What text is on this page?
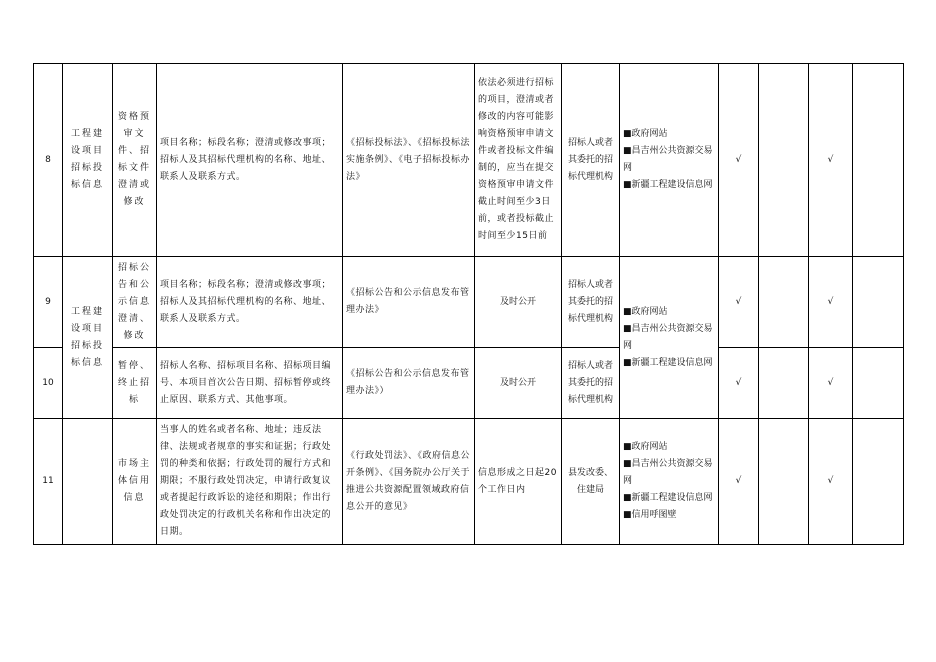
8	工程建设项目招标投标信息	资格预审文件、招标文件澄清或修改	项目名称；标段名称；澄清或修改事项；招标人及其招标代理机构的名称、地址、联系人及联系方式。	《招标投标法》、《招标投标法实施条例》、《电子招标投标办法》	依法必须进行招标的项目，澄清或者修改的内容可能影响资格预审申请文件或者投标文件编制的，应当在提交资格预审申请文件截止时间至少3日前，或者投标截止时间至少15日前	招标人或者其委托的招标代理机构	■政府网站
■昌吉州公共资源交易网
■新疆工程建设信息网	√		√	
9	工程建设项目招标投标信息	招标公告和公示信息澄清、修改	项目名称；标段名称；澄清或修改事项；招标人及其招标代理机构的名称、地址、联系人及联系方式。	《招标公告和公示信息发布管理办法》	及时公开	招标人或者其委托的招标代理机构	■政府网站
■昌吉州公共资源交易网
■新疆工程建设信息网	√		√	
10		暂停、终止招标	招标人名称、招标项目名称、招标项目编号、本项目首次公告日期、招标暂停或终止原因、联系方式、其他事项。	《招标公告和公示信息发布管理办法》）	及时公开	招标人或者其委托的招标代理机构		√		√	
11		市场主体信用信息	当事人的姓名或者名称、地址；违反法律、法规或者规章的事实和证据；行政处罚的种类和依据；行政处罚的履行方式和期限；不服行政处罚决定，申请行政复议或者提起行政诉讼的途径和期限；作出行政处罚决定的行政机关名称和作出决定的日期。	《行政处罚法》、《政府信息公开条例》、《国务院办公厅关于推进公共资源配置领域政府信息公开的意见》	信息形成之日起20个工作日内	县发改委、住建局	■政府网站
■昌吉州公共资源交易网
■新疆工程建设信息网
■信用呼图壁	√		√	
